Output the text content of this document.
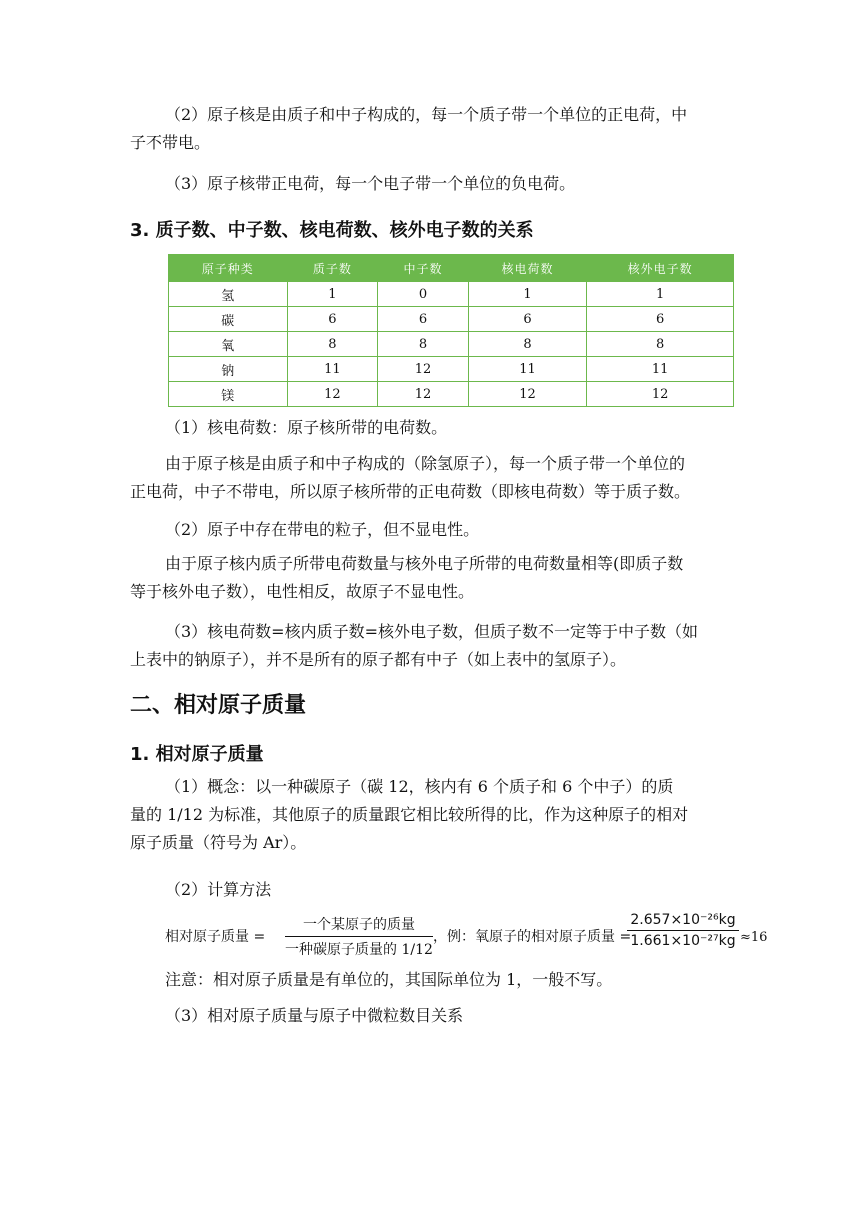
（2）原子核是由质子和中子构成的，每一个质子带一个单位的正电荷，中
子不带电。

（3）原子核带正电荷，每一个电子带一个单位的负电荷。

3. 质子数、中子数、核电荷数、核外电子数的关系
原子种类	质子数	中子数	核电荷数	核外电子数
氢	1	0	1	1
碳	6	6	6	6
氧	8	8	8	8
钠	11	12	11	11
镁	12	12	12	12

（1）核电荷数：原子核所带的电荷数。

由于原子核是由质子和中子构成的（除氢原子），每一个质子带一个单位的
正电荷，中子不带电，所以原子核所带的正电荷数（即核电荷数）等于质子数。

（2）原子中存在带电的粒子，但不显电性。

由于原子核内质子所带电荷数量与核外电子所带的电荷数量相等(即质子数
等于核外电子数），电性相反，故原子不显电性。

（3）核电荷数=核内质子数=核外电子数，但质子数不一定等于中子数（如
上表中的钠原子），并不是所有的原子都有中子（如上表中的氢原子）。

二、相对原子质量
1. 相对原子质量

（1）概念：以一种碳原子（碳 12，核内有 6 个质子和 6 个中子）的质
量的 1/12 为标准，其他原子的质量跟它相比较所得的比，作为这种原子的相对
原子质量（符号为 Ar）。

（2）计算方法

相对原子质量 =
一个某原子的质量
一种碳原子质量的 1/12
，例：氧原子的相对原子质量 =
2.657×10⁻²⁶kg
1.661×10⁻²⁷kg ≈16

注意：相对原子质量是有单位的，其国际单位为 1，一般不写。

（3）相对原子质量与原子中微粒数目关系
